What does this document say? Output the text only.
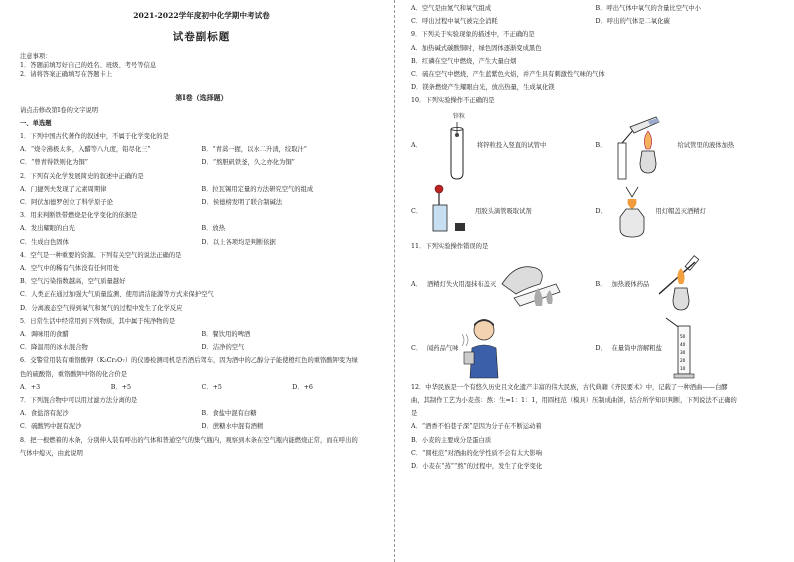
2021-2022学年度初中化学期中考试卷
试卷副标题
注意事项：
1．答题前填写好自己的姓名、班级、考号等信息
2．请将答案正确填写在答题卡上
第I卷（选择题）
请点击修改第I卷的文字说明
一、单选题
1．下列中国古代著作的叙述中，不属于化学变化的是
A．“烧令沸极太多，入醋等八九度，铅尽化三”	B．“青蒿一握，以水二升渍，绞取汁”
C．“曾青得铁则化为铜”	D．“熬胆矾铁釜，久之亦化为铜”
2．下列有关化学发展简史的叙述中正确的是
A．门捷列夫发现了元素周期律	B．拉瓦锡用定量的方法研究空气的组成
C．阿伏加德罗创立了科学原子论	D．侯德榜发明了联合制碱法
3．用来判断铁带燃烧是化学变化的依据是
A．发出耀眼的白光	B．放热
C．生成白色固体	D．以上各项均是判断依据
4．空气是一种重要的资源。下列有关空气的说法正确的是
A．空气中的稀有气体没有任何用处
B．空气污染指数越高，空气质量越好
C．人类正在通过加强大气质量监测、使用清洁能源等方式来保护空气
D．分离液态空气得到氧气和氮气的过程中发生了化学反应
5．日常生活中经常用到下列物质，其中属于纯净物的是
A．调味用的食醋	B．餐饮用的啤酒
C．降温用的冰水混合物	D．洁净的空气
6．交警常用装有重铬酸钾（K₂Cr₂O₇）的仪器检测司机是否酒后驾车，因为酒中的乙醇分子能使橙红色的重铬酸钾变为绿
色的硫酸铬，重铬酸钾中铬的化合价是
A．+3	B．+5	C．+5	D．+6
7．下列混合物中可以用过滤方法分离的是
A．食盐溶有泥沙	B．食盐中混有白糖
C．硫酸钙中混有泥沙	D．蔗糖水中混有酒精
8．把一根燃着的木条，分别伸入装有呼出的气体和普通空气的集气瓶内，观察到木条在空气瓶内能燃烧正常，而在呼出的
气体中熄灭，由此说明
A．空气是由氮气和氧气组成	B．呼出气体中氧气的含量比空气中小
C．呼出过程中氧气被完全消耗	D．呼出的气体是二氧化碳
9．下列关于实验现象的描述中，不正确的是
A．加热碱式碳酸铜时，绿色固体逐渐变成黑色
B．红磷在空气中燃烧，产生大量白烟
C．硫在空气中燃烧，产生蓝紫色火焰，并产生具有刺激性气味的气体
D．镁条燃烧产生耀眼白光，放出热量，生成氧化镁
10．下列实验操作不正确的是
A．
锌粒
将锌粒投入竖直的试管中	B．	给试管里的液体加热
C．	用胶头滴管吸取试剂	D．	用灯帽盖灭酒精灯
11．下列实验操作错误的是
A． 酒精灯失火用湿抹布盖灭	B． 加热液体药品
C． 闻药品气味	D． 在量筒中溶解粗盐
50
40
30
20
10
12．中华民族是一个有悠久历史且文化遗产丰富的伟大民族，古代典籍《齐民要术》中，记载了一种酒曲——白醪
曲，其制作工艺为小麦蒸：熬：生=1：1：1，用圆柱范（模具）压制成曲饼，结合所学知识判断，下列说法不正确的
是
A．“酒香不怕巷子深”是因为分子在不断运动着
B．小麦的主要成分是蛋白质
C．“圆柱范”对酒曲的化学性质不会有太大影响
D．小麦在“蒸”“熬”的过程中，发生了化学变化
